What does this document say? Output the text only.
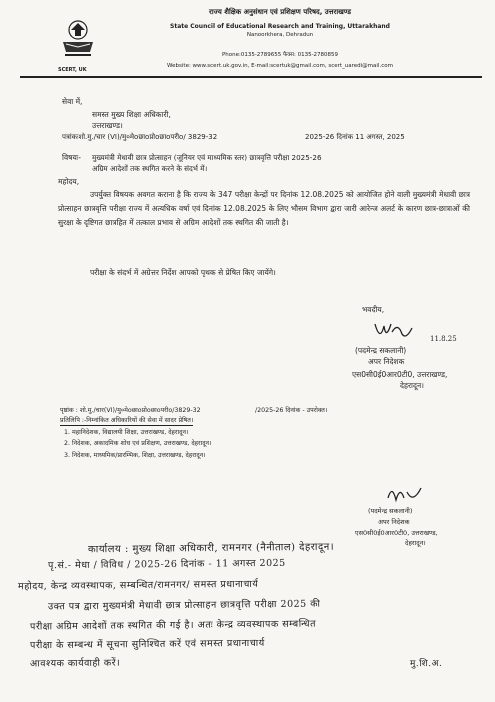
SCERT, UK
राज्य शैक्षिक अनुसंधान एवं प्रशिक्षण परिषद, उत्तराखण्ड
State Council of Educational Research and Training, Uttarakhand
Nanoorkhera, Dehradun
Phone:0135-2789655 फैक्स: 0135-2780859
Website: www.scert.uk.gov.in, E-mail:scertuk@gmail.com, scert_uaredi@mail.com
सेवा में,
समस्त मुख्य शिक्षा अधिकारी,
उत्तराखण्ड।
पत्रांकःशो.मु./चार (VI)/मु०मेoछाoप्रोoछाoपरीo/ 3829-32	2025-26 दिनांक 11 अगस्त, 2025
विषयः- मुख्यमंत्री मेधावी छात्र प्रोत्साहन (जूनियर एवं माध्यमिक स्तर) छात्रवृत्ति परीक्षा 2025-26
अग्रिम आदेशों तक स्थगित करने के संदर्भ में।
महोदय,
उपर्युक्त विषयक अवगत कराना है कि राज्य के 347 परीक्षा केन्द्रों पर दिनांक 12.08.2025 को आयोजित होने वाली मुख्यमंत्री मेधावी छात्र प्रोत्साहन छात्रवृत्ति परीक्षा राज्य में अत्यधिक वर्षा एवं दिनांक 12.08.2025 के लिए भौसम विभाग द्वारा जारी आरेन्ज अलर्ट के कारण छात्र-छात्राओं की सुरक्षा के दृष्टिगत छात्रहित में तत्काल प्रभाव से अग्रिम आदेशों तक स्थगित की जाती है।
परीक्षा के संदर्भ में अग्रेत्तर निर्देश आपको पृथक से प्रेषित किए जायेंगे।
भवदीय,
11.8.25
(पदमेन्द्र सकलानी)
अपर निदेशक
एस0सी0ई0आर0टी0, उत्तराखण्ड,
देहरादून।
पृष्ठांक : शो.मु./चार(VI)/मु०मेoछाoप्रोoछाoपरीo/3829-32	/2025-26 दिनांक - उपरोक्त।
प्रतिलिपि :-निम्नांकित अधिकारियों की सेवा में सादर प्रेषित।
1. महानिदेशक, विद्यालयी शिक्षा, उत्तराखण्ड, देहरादून।
2. निदेशक, अकादमिक शोध एवं प्रशिक्षण, उत्तराखण्ड, देहरादून।
3. निदेशक, माध्यमिक/प्रारम्भिक, शिक्षा, उत्तराखण्ड, देहरादून।
(पदमेन्द्र सकलानी)
अपर निदेशक
एस0सी0ई0आर0टी0, उत्तराखण्ड,
देहरादून।
कार्यालय : मुख्य शिक्षा अधिकारी, रामनगर (नैनीताल) देहरादून।
पृ.सं.- मेधा / विविध / 2025-26 दिनांक - 11 अगस्त 2025
महोदय, केन्द्र व्यवस्थापक, सम्बन्धित/रामनगर/ समस्त प्रधानाचार्य
उक्त पत्र द्वारा मुख्यमंत्री मेधावी छात्र प्रोत्साहन छात्रवृत्ति परीक्षा 2025 की
परीक्षा अग्रिम आदेशों तक स्थगित की गई है। अतः केन्द्र व्यवस्थापक सम्बन्धित
परीक्षा के सम्बन्ध में सूचना सुनिश्चित करें एवं समस्त प्रधानाचार्य
आवश्यक कार्यवाही करें।	मु.शि.अ.
